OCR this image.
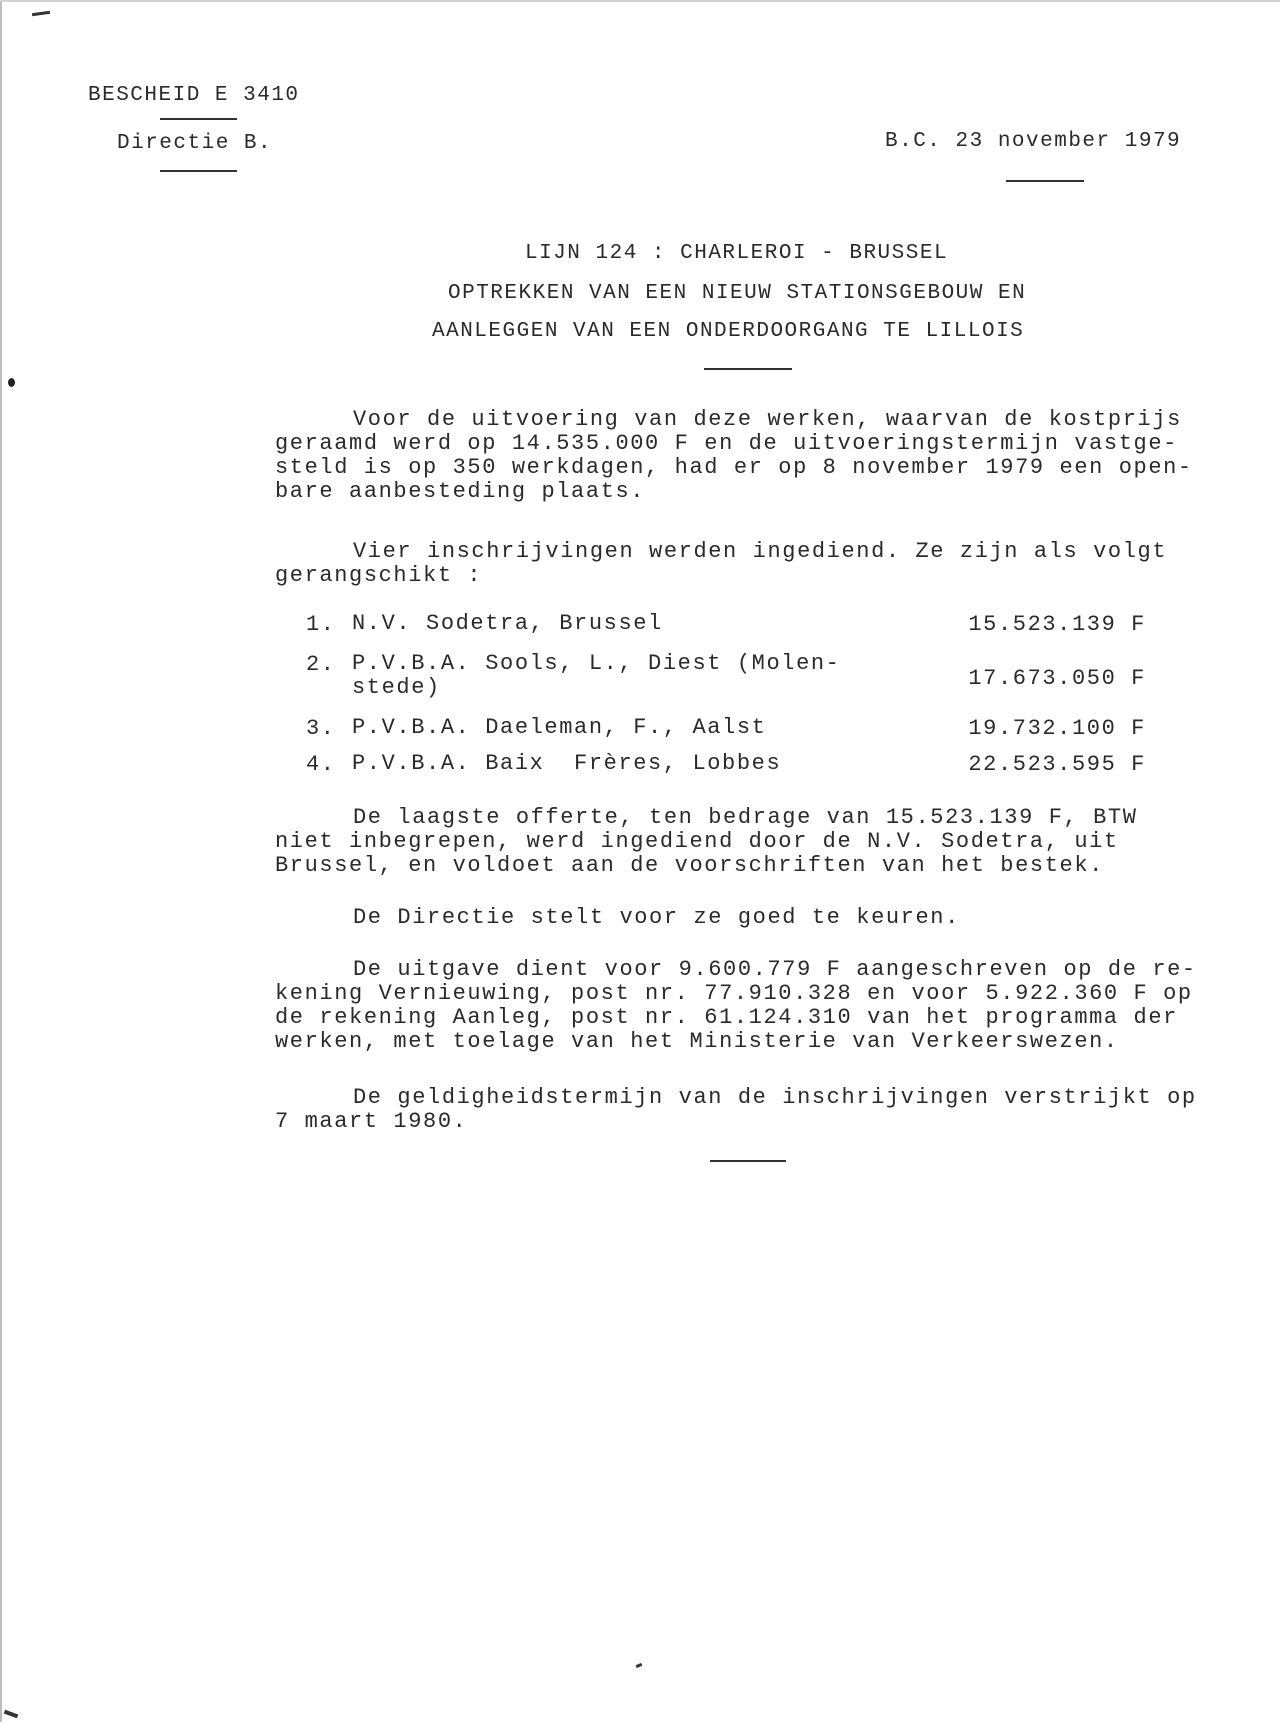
BESCHEID E 3410
Directie B.	B.C. 23 november 1979
LIJN 124 : CHARLEROI - BRUSSEL
OPTREKKEN VAN EEN NIEUW STATIONSGEBOUW EN
AANLEGGEN VAN EEN ONDERDOORGANG TE LILLOIS
Voor de uitvoering van deze werken, waarvan de kostprijs
geraamd werd op 14.535.000 F en de uitvoeringstermijn vastge-
steld is op 350 werkdagen, had er op 8 november 1979 een open-
bare aanbesteding plaats.
Vier inschrijvingen werden ingediend. Ze zijn als volgt
gerangschikt :
1. N.V. Sodetra, Brussel	15.523.139 F
2. P.V.B.A. Sools, L., Diest (Molen-
stede)	17.673.050 F
3. P.V.B.A. Daeleman, F., Aalst	19.732.100 F
4. P.V.B.A. Baix  Frères, Lobbes	22.523.595 F
De laagste offerte, ten bedrage van 15.523.139 F, BTW
niet inbegrepen, werd ingediend door de N.V. Sodetra, uit
Brussel, en voldoet aan de voorschriften van het bestek.
De Directie stelt voor ze goed te keuren.
De uitgave dient voor 9.600.779 F aangeschreven op de re-
kening Vernieuwing, post nr. 77.910.328 en voor 5.922.360 F op
de rekening Aanleg, post nr. 61.124.310 van het programma der
werken, met toelage van het Ministerie van Verkeerswezen.
De geldigheidstermijn van de inschrijvingen verstrijkt op
7 maart 1980.
